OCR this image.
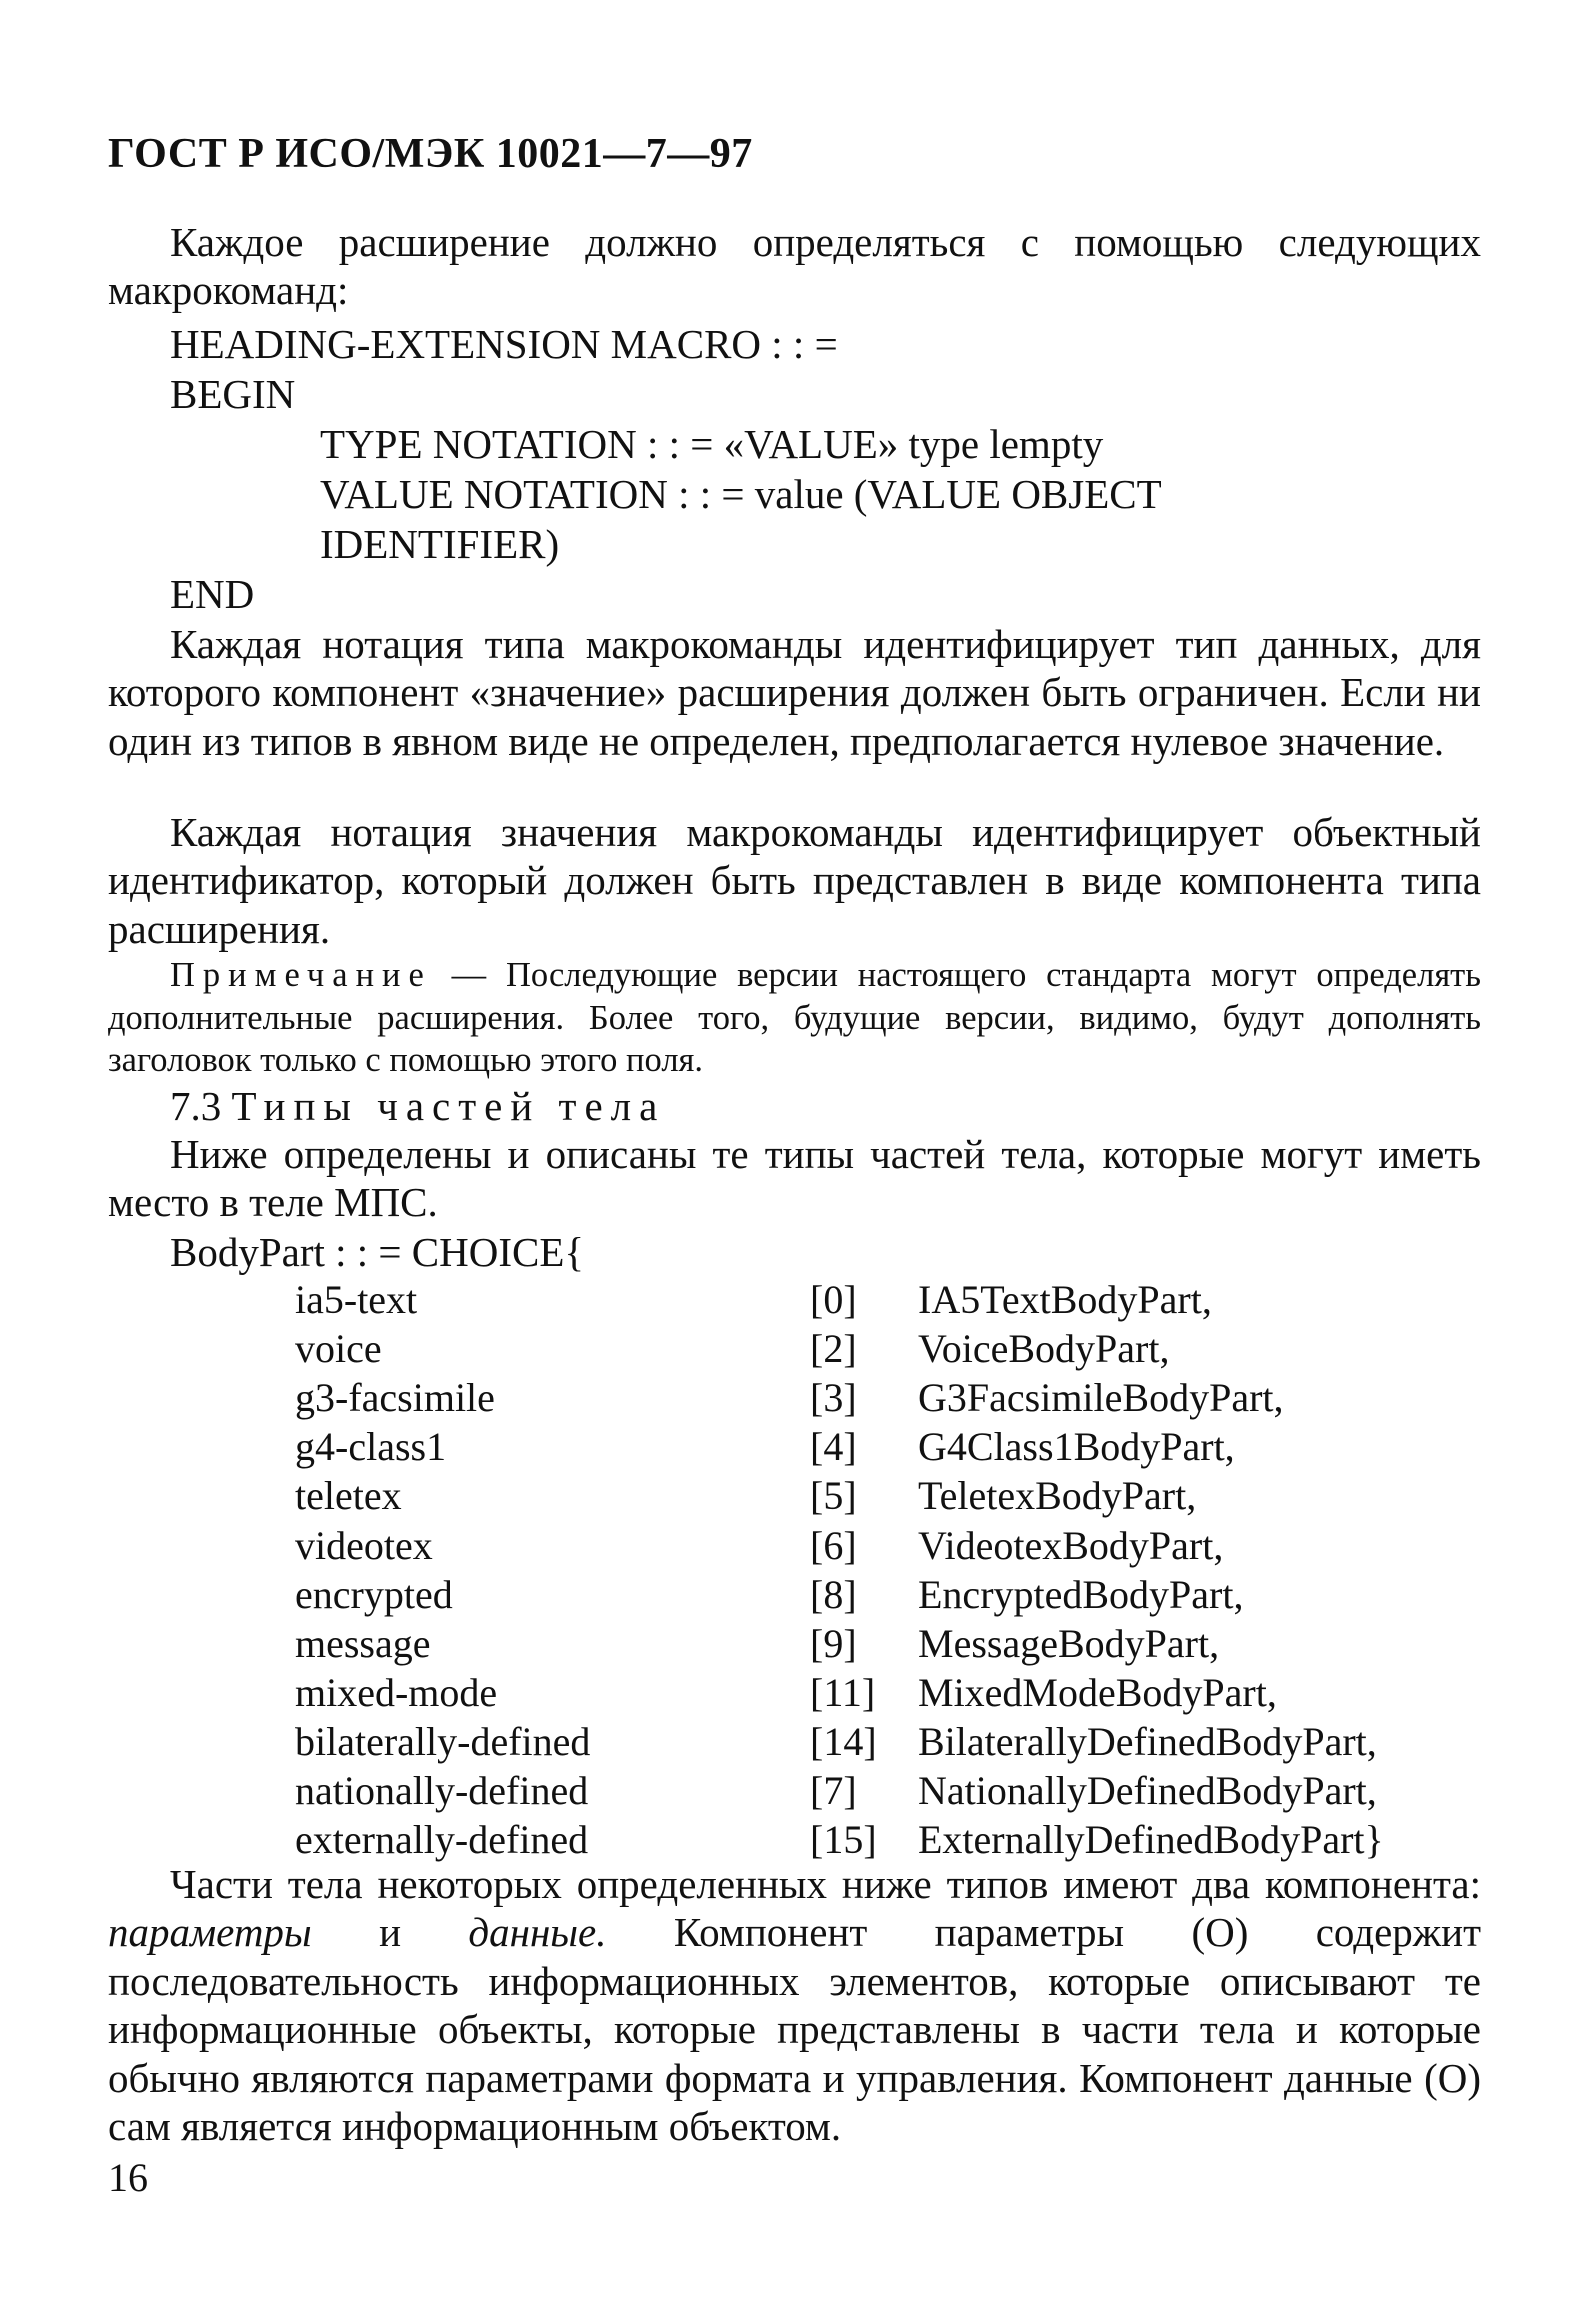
ГОСТ Р ИСО/МЭК 10021—7—97
Каждое расширение должно определяться с помощью следующих макрокоманд:
HEADING-EXTENSION MACRO : : =
BEGIN
TYPE NOTATION : : = «VALUE» type lempty
VALUE NOTATION : : = value (VALUE OBJECT
IDENTIFIER)
END
Каждая нотация типа макрокоманды идентифицирует тип данных, для которого компонент «значение» расширения должен быть ограничен. Если ни один из типов в явном виде не определен, предполагается нулевое значение.
Каждая нотация значения макрокоманды идентифицирует объектный идентификатор, который должен быть представлен в виде компонента типа расширения.
Примечание — Последующие версии настоящего стандарта могут определять дополнительные расширения. Более того, будущие версии, видимо, будут дополнять заголовок только с помощью этого поля.
7.3 Типы частей тела
Ниже определены и описаны те типы частей тела, которые могут иметь место в теле МПС.
BodyPart : : = CHOICE{
ia5-text	[0] IA5TextBodyPart,
voice	[2] VoiceBodyPart,
g3-facsimile	[3] G3FacsimileBodyPart,
g4-class1	[4] G4Class1BodyPart,
teletex	[5] TeletexBodyPart,
videotex	[6] VideotexBodyPart,
encrypted	[8] EncryptedBodyPart,
message	[9] MessageBodyPart,
mixed-mode	[11] MixedModeBodyPart,
bilaterally-defined	[14] BilaterallyDefinedBodyPart,
nationally-defined	[7] NationallyDefinedBodyPart,
externally-defined	[15] ExternallyDefinedBodyPart}
Части тела некоторых определенных ниже типов имеют два компонента: параметры и данные. Компонент параметры (О) содержит последовательность информационных элементов, которые описывают те информационные объекты, которые представлены в части тела и которые обычно являются параметрами формата и управления. Компонент данные (О) сам является информационным объектом.
16
